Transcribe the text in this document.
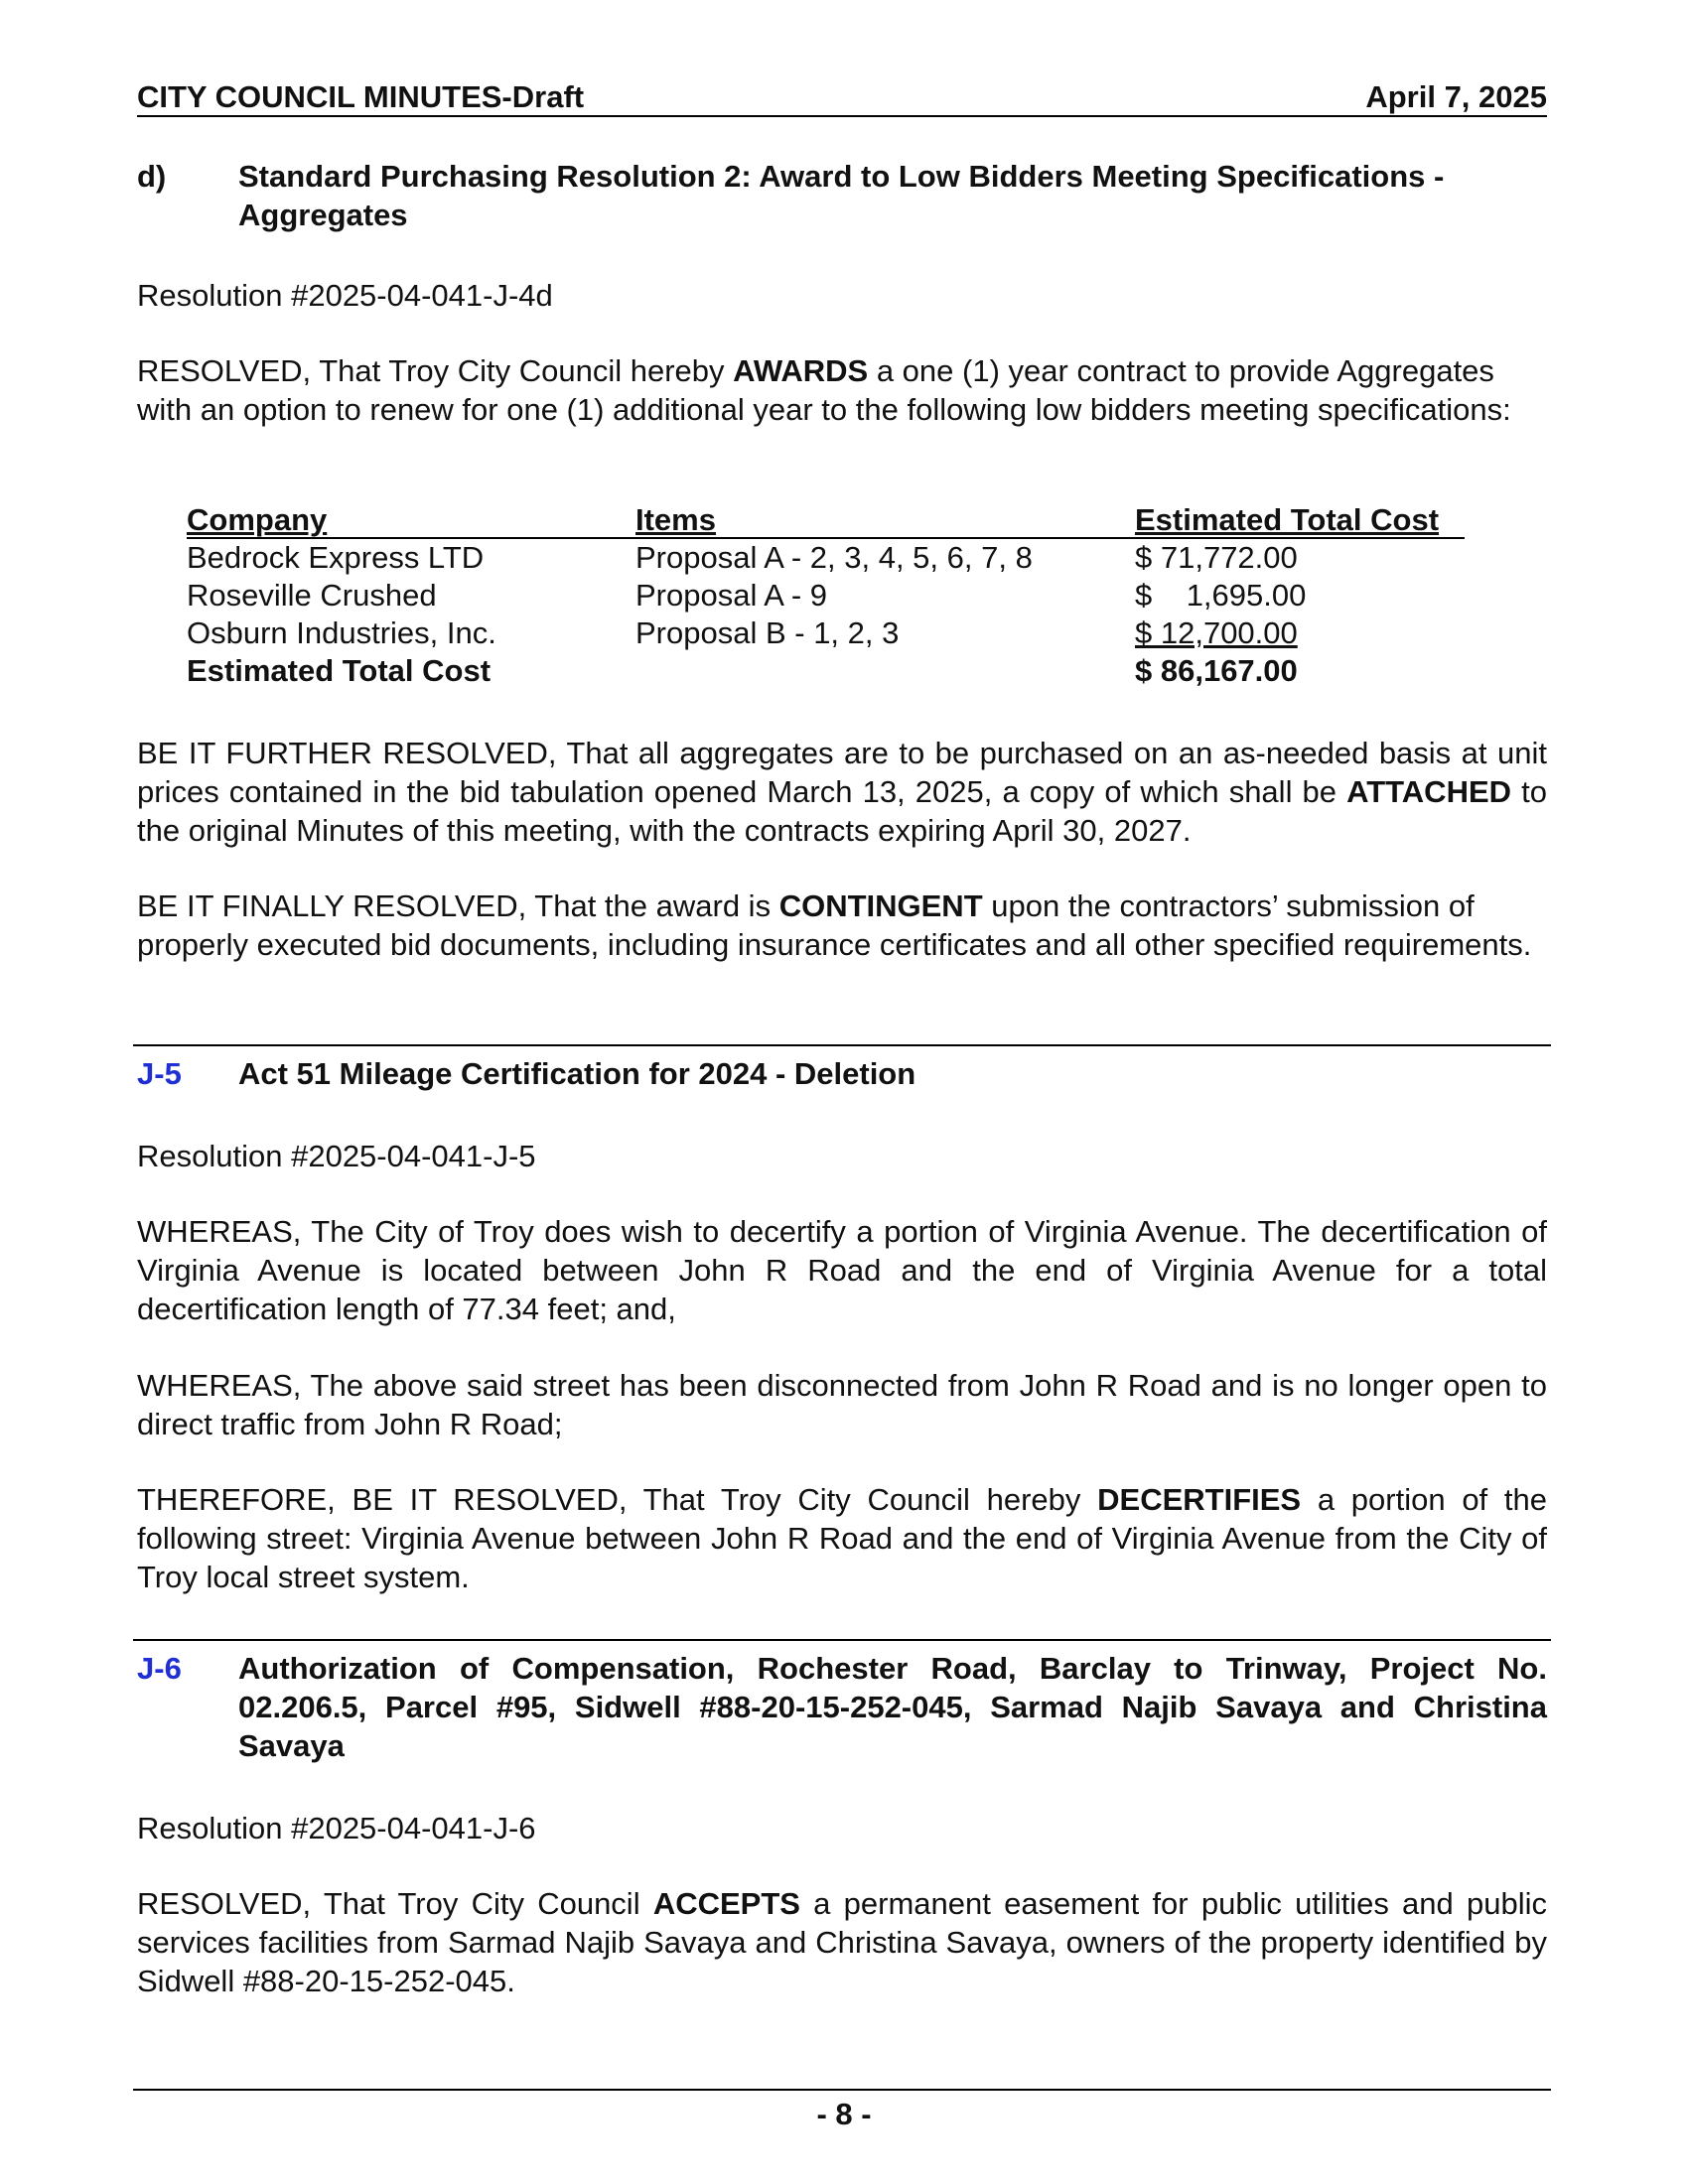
CITY COUNCIL MINUTES-Draft	April 7, 2025
d)	Standard Purchasing Resolution 2: Award to Low Bidders Meeting Specifications - Aggregates
Resolution #2025-04-041-J-4d
RESOLVED, That Troy City Council hereby AWARDS a one (1) year contract to provide Aggregates with an option to renew for one (1) additional year to the following low bidders meeting specifications:
Company	Items	Estimated Total Cost
Bedrock Express LTD	Proposal A - 2, 3, 4, 5, 6, 7, 8	$ 71,772.00
Roseville Crushed	Proposal A - 9	$    1,695.00
Osburn Industries, Inc.	Proposal B - 1, 2, 3	$ 12,700.00
Estimated Total Cost		$ 86,167.00
BE IT FURTHER RESOLVED, That all aggregates are to be purchased on an as-needed basis at unit prices contained in the bid tabulation opened March 13, 2025, a copy of which shall be ATTACHED to the original Minutes of this meeting, with the contracts expiring April 30, 2027.
BE IT FINALLY RESOLVED, That the award is CONTINGENT upon the contractors’ submission of properly executed bid documents, including insurance certificates and all other specified requirements.
J-5	Act 51 Mileage Certification for 2024 - Deletion
Resolution #2025-04-041-J-5
WHEREAS, The City of Troy does wish to decertify a portion of Virginia Avenue. The decertification of Virginia Avenue is located between John R Road and the end of Virginia Avenue for a total decertification length of 77.34 feet; and,
WHEREAS, The above said street has been disconnected from John R Road and is no longer open to direct traffic from John R Road;
THEREFORE, BE IT RESOLVED, That Troy City Council hereby DECERTIFIES a portion of the following street: Virginia Avenue between John R Road and the end of Virginia Avenue from the City of Troy local street system.
J-6	Authorization of Compensation, Rochester Road, Barclay to Trinway, Project No. 02.206.5, Parcel #95, Sidwell #88-20-15-252-045, Sarmad Najib Savaya and Christina Savaya
Resolution #2025-04-041-J-6
RESOLVED, That Troy City Council ACCEPTS a permanent easement for public utilities and public services facilities from Sarmad Najib Savaya and Christina Savaya, owners of the property identified by Sidwell #88-20-15-252-045.
- 8 -
